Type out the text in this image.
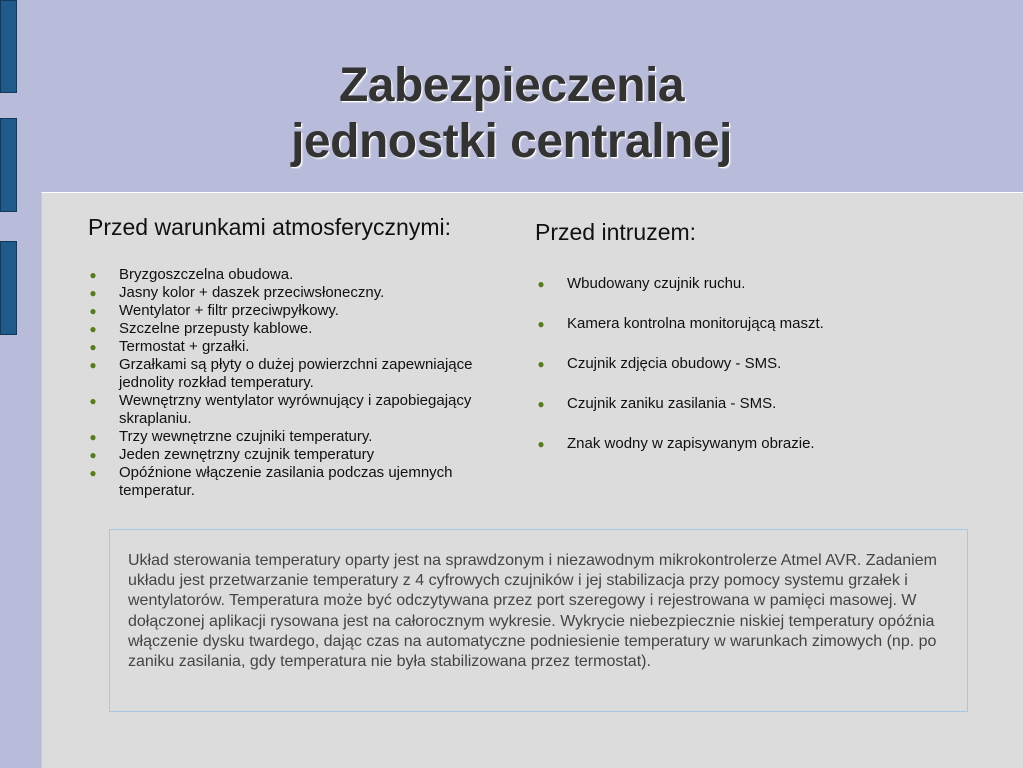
Zabezpieczenia
jednostki centralnej
Przed warunkami atmosferycznymi:
● Bryzgoszczelna obudowa.
● Jasny kolor + daszek przeciwsłoneczny.
● Wentylator + filtr przeciwpyłkowy.
● Szczelne przepusty kablowe.
● Termostat + grzałki.
● Grzałkami są płyty o dużej powierzchni zapewniające jednolity rozkład temperatury.
● Wewnętrzny wentylator wyrównujący i zapobiegający skraplaniu.
● Trzy wewnętrzne czujniki temperatury.
● Jeden zewnętrzny czujnik temperatury
● Opóźnione włączenie zasilania podczas ujemnych temperatur.
Przed intruzem:
● Wbudowany czujnik ruchu.
● Kamera kontrolna monitorującą maszt.
● Czujnik zdjęcia obudowy - SMS.
● Czujnik zaniku zasilania - SMS.
● Znak wodny w zapisywanym obrazie.
Układ sterowania temperatury oparty jest na sprawdzonym i niezawodnym mikrokontrolerze Atmel AVR. Zadaniem układu jest przetwarzanie temperatury z 4 cyfrowych czujników i jej stabilizacja przy pomocy systemu grzałek i wentylatorów. Temperatura może być odczytywana przez port szeregowy i rejestrowana w pamięci masowej. W dołączonej aplikacji rysowana jest na całorocznym wykresie. Wykrycie niebezpiecznie niskiej temperatury opóźnia włączenie dysku twardego, dając czas na automatyczne podniesienie temperatury w warunkach zimowych (np. po zaniku zasilania, gdy temperatura nie była stabilizowana przez termostat).
